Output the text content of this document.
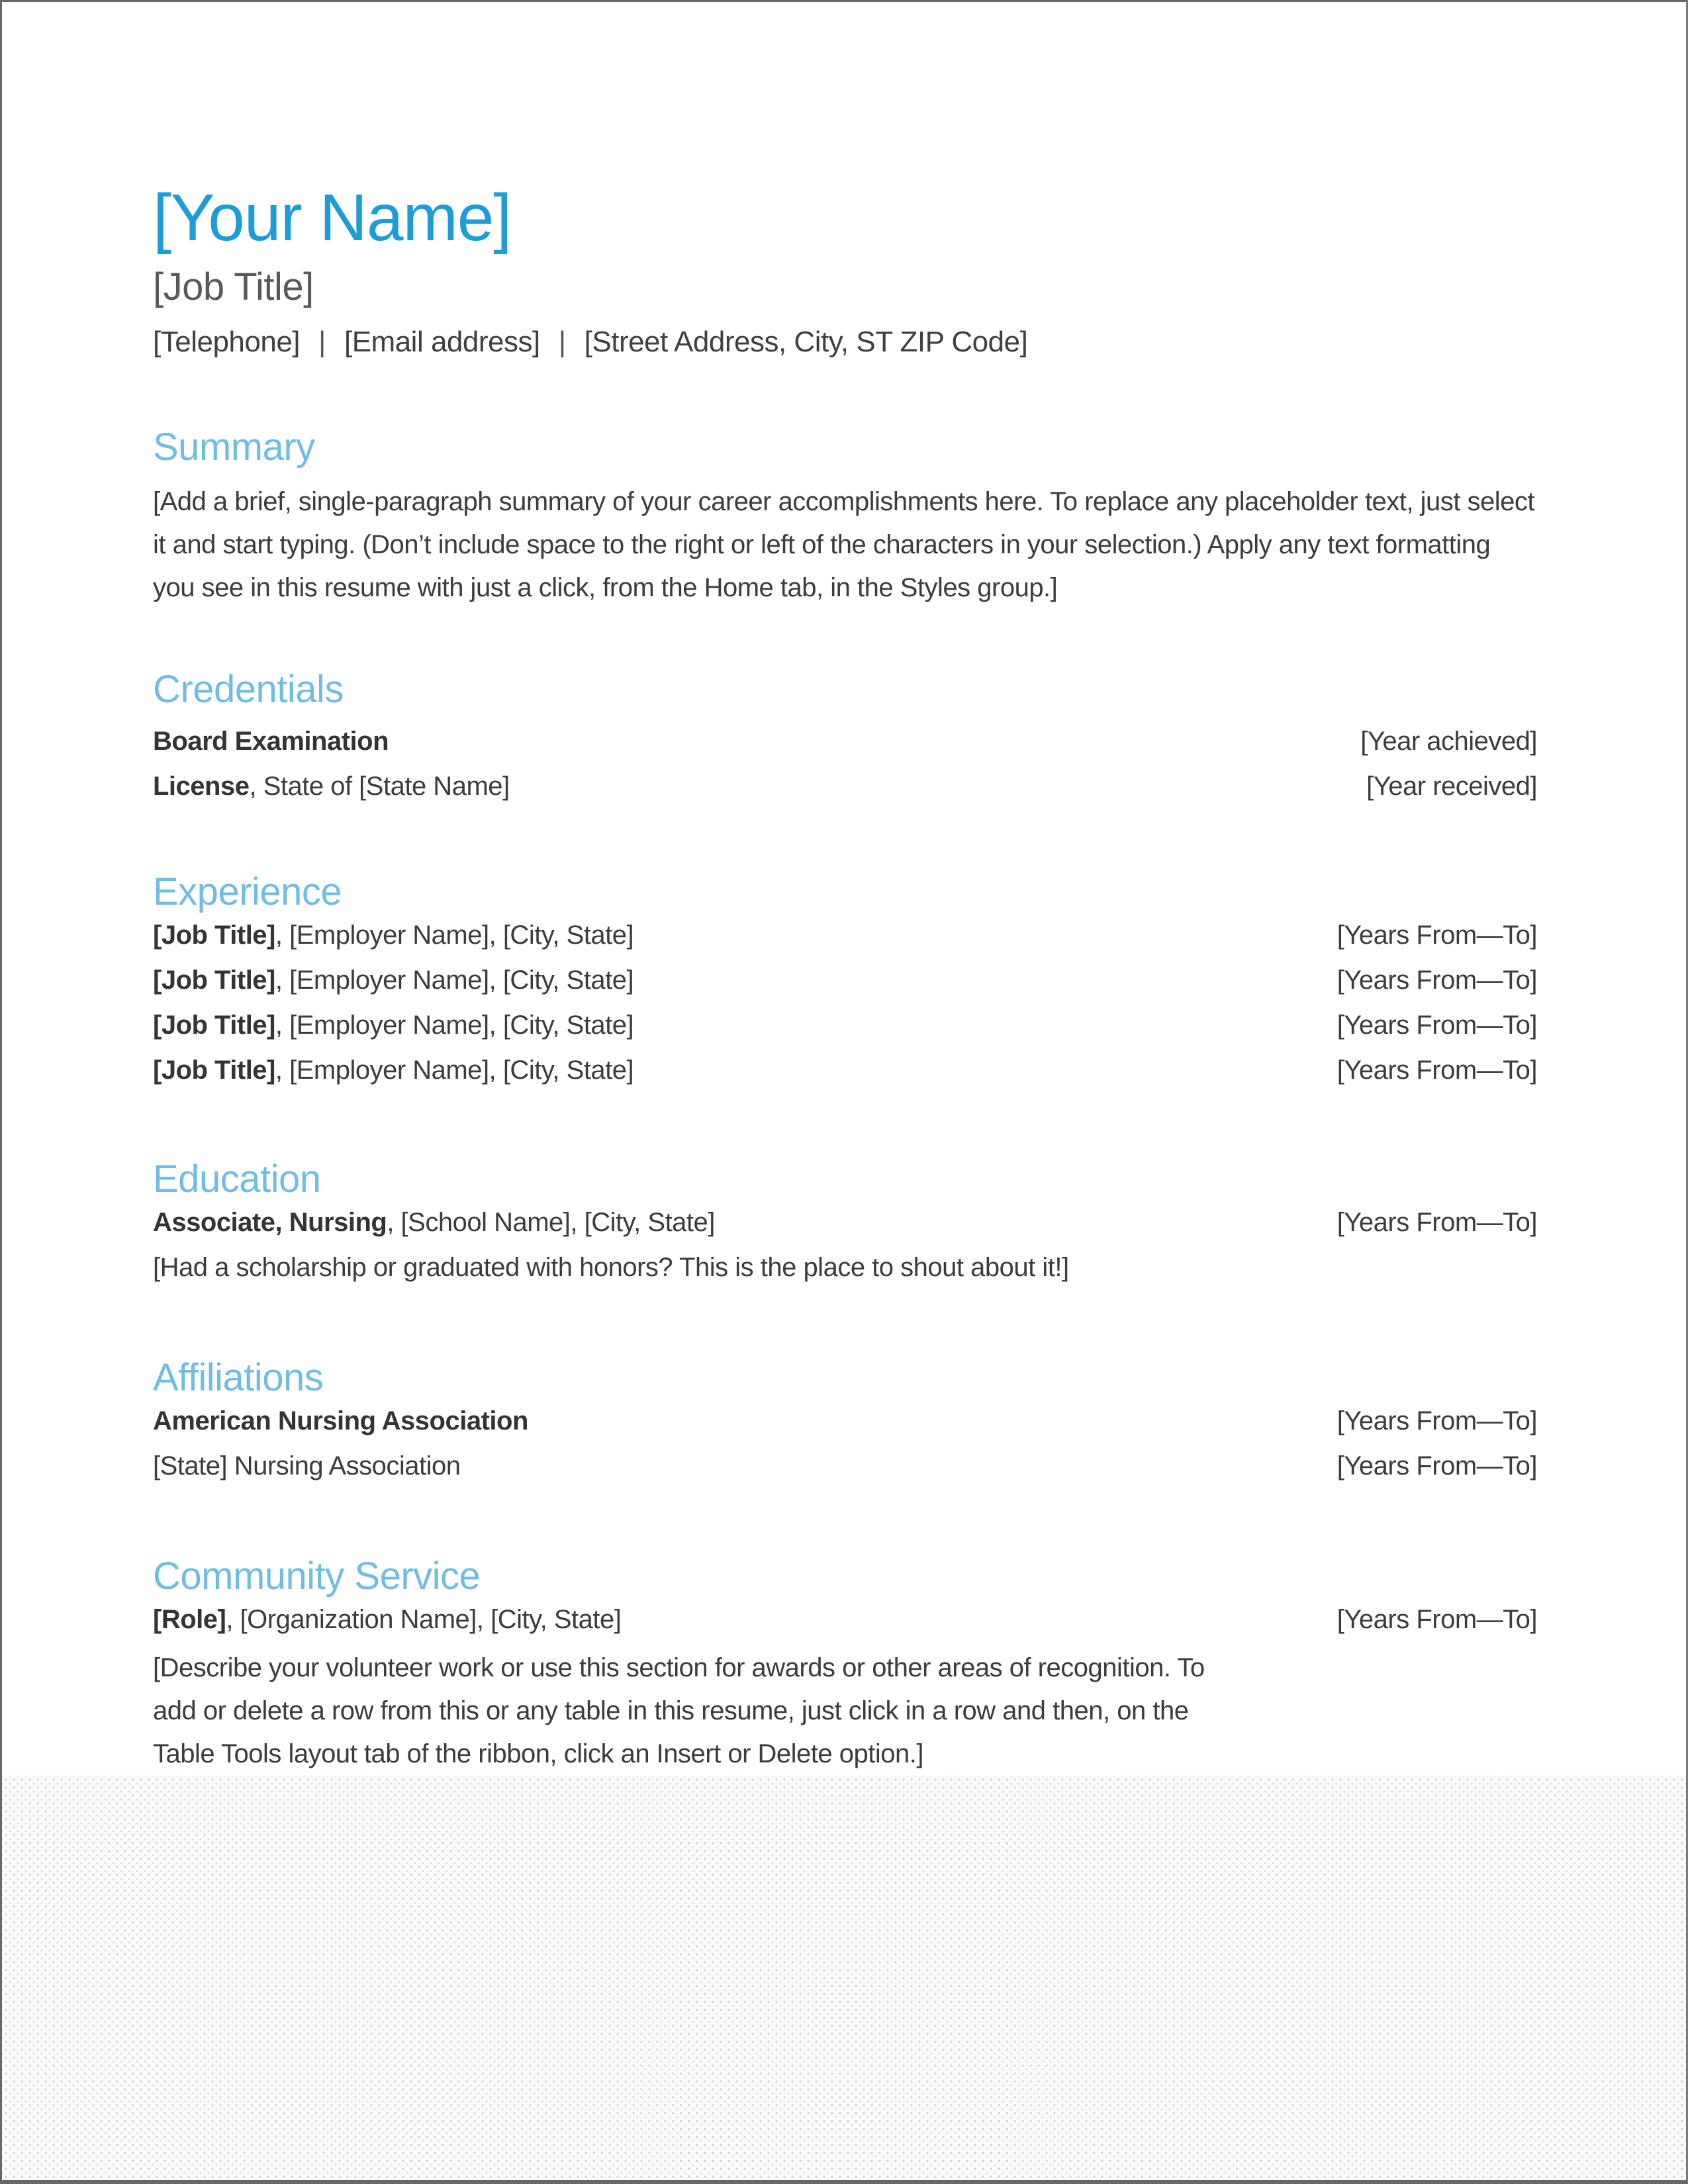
[Your Name]
[Job Title]
[Telephone] | [Email address] | [Street Address, City, ST ZIP Code]
Summary
[Add a brief, single-paragraph summary of your career accomplishments here. To replace any placeholder text, just select it and start typing. (Don’t include space to the right or left of the characters in your selection.) Apply any text formatting you see in this resume with just a click, from the Home tab, in the Styles group.]
Credentials
Board Examination	[Year achieved]
License, State of [State Name]	[Year received]
Experience
[Job Title], [Employer Name], [City, State]	[Years From—To]
[Job Title], [Employer Name], [City, State]	[Years From—To]
[Job Title], [Employer Name], [City, State]	[Years From—To]
[Job Title], [Employer Name], [City, State]	[Years From—To]
Education
Associate, Nursing, [School Name], [City, State]	[Years From—To]
[Had a scholarship or graduated with honors? This is the place to shout about it!]
Affiliations
American Nursing Association	[Years From—To]
[State] Nursing Association	[Years From—To]
Community Service
[Role], [Organization Name], [City, State]	[Years From—To]
[Describe your volunteer work or use this section for awards or other areas of recognition. To add or delete a row from this or any table in this resume, just click in a row and then, on the Table Tools layout tab of the ribbon, click an Insert or Delete option.]
